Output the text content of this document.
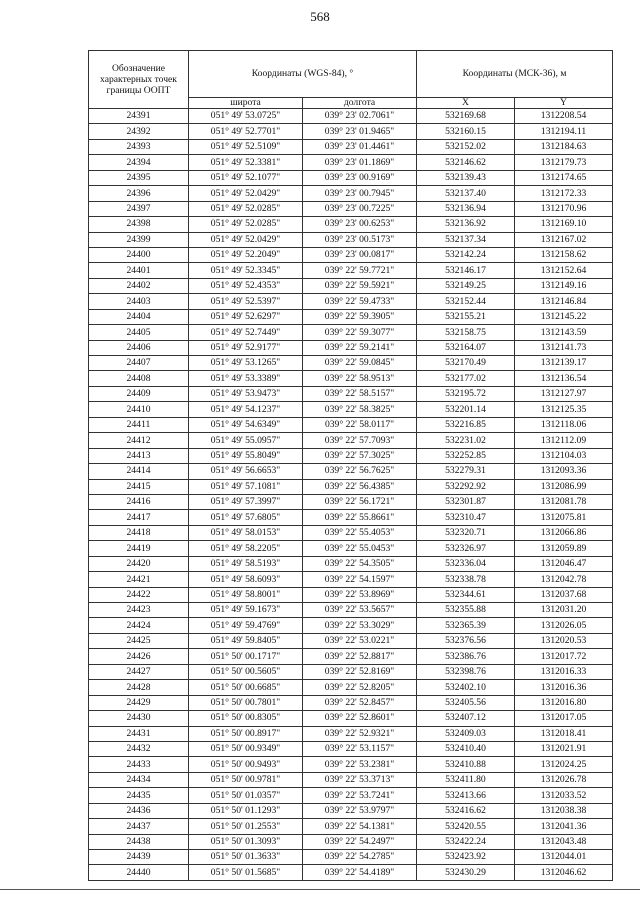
568
Обозначение характерных точек границы ООПТ	Координаты (WGS-84), °		Координаты (МСК-36), м	
	широта	долгота	X	Y
24391	051° 49' 53.0725"	039° 23' 02.7061"	532169.68	1312208.54
24392	051° 49' 52.7701"	039° 23' 01.9465"	532160.15	1312194.11
24393	051° 49' 52.5109"	039° 23' 01.4461"	532152.02	1312184.63
24394	051° 49' 52.3381"	039° 23' 01.1869"	532146.62	1312179.73
24395	051° 49' 52.1077"	039° 23' 00.9169"	532139.43	1312174.65
24396	051° 49' 52.0429"	039° 23' 00.7945"	532137.40	1312172.33
24397	051° 49' 52.0285"	039° 23' 00.7225"	532136.94	1312170.96
24398	051° 49' 52.0285"	039° 23' 00.6253"	532136.92	1312169.10
24399	051° 49' 52.0429"	039° 23' 00.5173"	532137.34	1312167.02
24400	051° 49' 52.2049"	039° 23' 00.0817"	532142.24	1312158.62
24401	051° 49' 52.3345"	039° 22' 59.7721"	532146.17	1312152.64
24402	051° 49' 52.4353"	039° 22' 59.5921"	532149.25	1312149.16
24403	051° 49' 52.5397"	039° 22' 59.4733"	532152.44	1312146.84
24404	051° 49' 52.6297"	039° 22' 59.3905"	532155.21	1312145.22
24405	051° 49' 52.7449"	039° 22' 59.3077"	532158.75	1312143.59
24406	051° 49' 52.9177"	039° 22' 59.2141"	532164.07	1312141.73
24407	051° 49' 53.1265"	039° 22' 59.0845"	532170.49	1312139.17
24408	051° 49' 53.3389"	039° 22' 58.9513"	532177.02	1312136.54
24409	051° 49' 53.9473"	039° 22' 58.5157"	532195.72	1312127.97
24410	051° 49' 54.1237"	039° 22' 58.3825"	532201.14	1312125.35
24411	051° 49' 54.6349"	039° 22' 58.0117"	532216.85	1312118.06
24412	051° 49' 55.0957"	039° 22' 57.7093"	532231.02	1312112.09
24413	051° 49' 55.8049"	039° 22' 57.3025"	532252.85	1312104.03
24414	051° 49' 56.6653"	039° 22' 56.7625"	532279.31	1312093.36
24415	051° 49' 57.1081"	039° 22' 56.4385"	532292.92	1312086.99
24416	051° 49' 57.3997"	039° 22' 56.1721"	532301.87	1312081.78
24417	051° 49' 57.6805"	039° 22' 55.8661"	532310.47	1312075.81
24418	051° 49' 58.0153"	039° 22' 55.4053"	532320.71	1312066.86
24419	051° 49' 58.2205"	039° 22' 55.0453"	532326.97	1312059.89
24420	051° 49' 58.5193"	039° 22' 54.3505"	532336.04	1312046.47
24421	051° 49' 58.6093"	039° 22' 54.1597"	532338.78	1312042.78
24422	051° 49' 58.8001"	039° 22' 53.8969"	532344.61	1312037.68
24423	051° 49' 59.1673"	039° 22' 53.5657"	532355.88	1312031.20
24424	051° 49' 59.4769"	039° 22' 53.3029"	532365.39	1312026.05
24425	051° 49' 59.8405"	039° 22' 53.0221"	532376.56	1312020.53
24426	051° 50' 00.1717"	039° 22' 52.8817"	532386.76	1312017.72
24427	051° 50' 00.5605"	039° 22' 52.8169"	532398.76	1312016.33
24428	051° 50' 00.6685"	039° 22' 52.8205"	532402.10	1312016.36
24429	051° 50' 00.7801"	039° 22' 52.8457"	532405.56	1312016.80
24430	051° 50' 00.8305"	039° 22' 52.8601"	532407.12	1312017.05
24431	051° 50' 00.8917"	039° 22' 52.9321"	532409.03	1312018.41
24432	051° 50' 00.9349"	039° 22' 53.1157"	532410.40	1312021.91
24433	051° 50' 00.9493"	039° 22' 53.2381"	532410.88	1312024.25
24434	051° 50' 00.9781"	039° 22' 53.3713"	532411.80	1312026.78
24435	051° 50' 01.0357"	039° 22' 53.7241"	532413.66	1312033.52
24436	051° 50' 01.1293"	039° 22' 53.9797"	532416.62	1312038.38
24437	051° 50' 01.2553"	039° 22' 54.1381"	532420.55	1312041.36
24438	051° 50' 01.3093"	039° 22' 54.2497"	532422.24	1312043.48
24439	051° 50' 01.3633"	039° 22' 54.2785"	532423.92	1312044.01
24440	051° 50' 01.5685"	039° 22' 54.4189"	532430.29	1312046.62
